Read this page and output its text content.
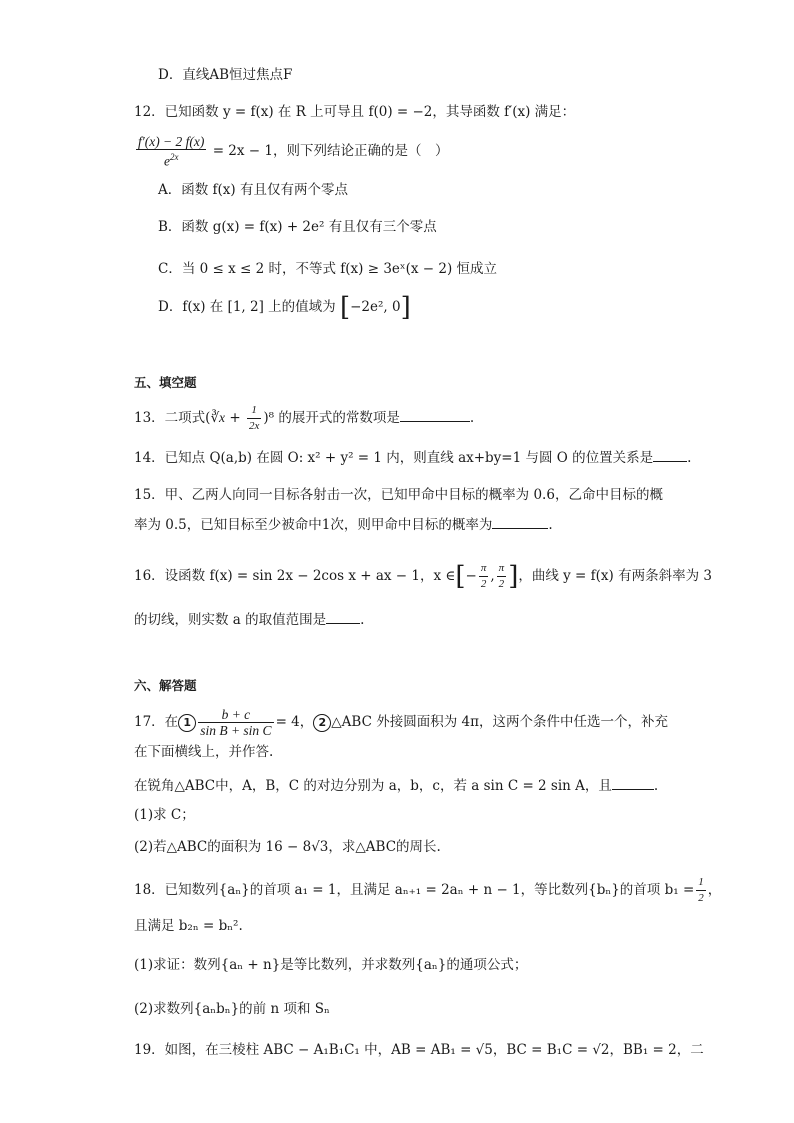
D．直线AB恒过焦点F
12．已知函数 y = f(x) 在 R 上可导且 f(0) = −2，其导函数 f′(x) 满足：
$\frac{f'(x) - 2 f(x)}{e^{2x}} = 2x - 1$，则下列结论正确的是（　）
A．函数 f(x) 有且仅有两个零点
B．函数 g(x) = f(x) + 2e² 有且仅有三个零点
C．当 0 ≤ x ≤ 2 时，不等式 f(x) ≥ 3eˣ(x − 2) 恒成立
D．f(x) 在 [1, 2] 上的值域为 [−2e², 0]
五、填空题
13．二项式(∛x + $\frac{1}{2x} )^8$ 的展开式的常数项是	.
14．已知点 Q(a,b) 在圆 O: x² + y² = 1 内，则直线 ax+by=1 与圆 O 的位置关系是	.
15．甲、乙两人向同一目标各射击一次，已知甲命中目标的概率为 0.6，乙命中目标的概
率为 0.5，已知目标至少被命中1次，则甲命中目标的概率为	.
16．设函数 f(x) = sin 2x − 2cos x + ax − 1，x ∈[− $\frac{\pi}{2}$ , $\frac{\pi}{2}$ ]，曲线 y = f(x) 有两条斜率为 3
的切线，则实数 a 的取值范围是	.
六、解答题
17．在 $1 \frac{b + c}{\text{sin B + sin C}} = 4$， 2 △ABC 外接圆面积为 4π，这两个条件中任选一个，补充
在下面横线上，并作答.
在锐角△ABC中，A，B，C 的对边分别为 a，b，c，若 a sin C = 2 sin A，且	.
(1)求 C；
(2)若△ABC的面积为 16 − 8√3，求△ABC的周长.
18．已知数列{aₙ}的首项 a₁ = 1，且满足 aₙ₊₁ = 2aₙ + n − 1，等比数列{bₙ}的首项 $b_1 = \frac{1}{2}$ ，
且满足 b₂ₙ = bₙ².
(1)求证：数列{aₙ + n}是等比数列，并求数列{aₙ}的通项公式；
(2)求数列{aₙbₙ}的前 n 项和 Sₙ
19．如图，在三棱柱 ABC − A₁B₁C₁ 中，AB = AB₁ = √5，BC = B₁C = √2，BB₁ = 2，二
